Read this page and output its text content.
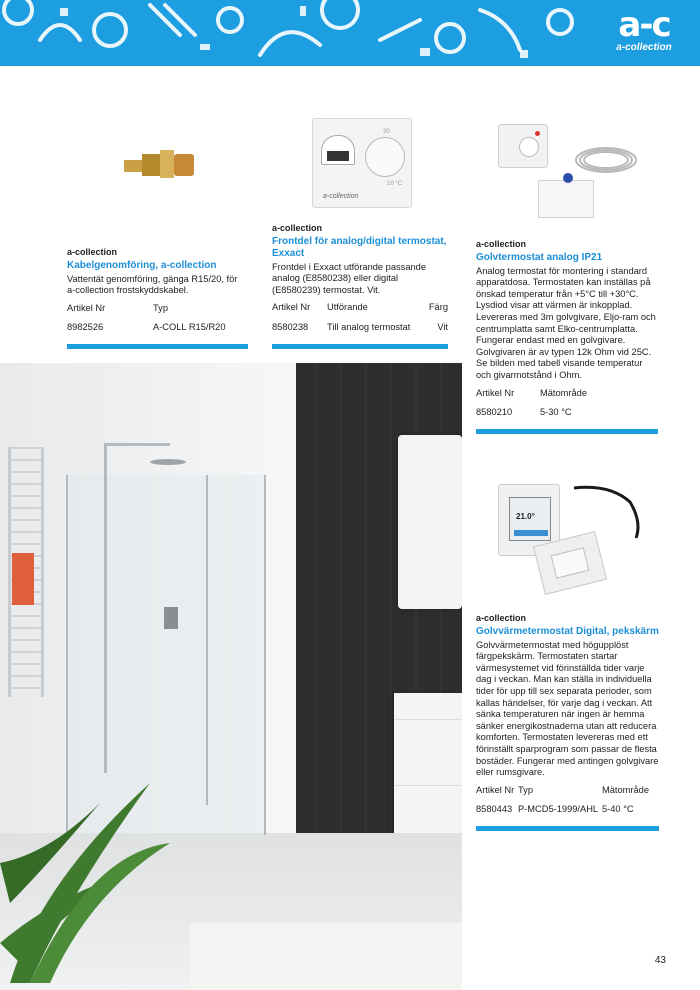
a-c
a-collection
a-collection
Kabelgenomföring, a-collection
Vattentät genomföring, gänga R15/20, för a-collection frostskyddskabel.
Artikel Nr	Typ
8982526	A-COLL R15/R20
30
10 °C
a-collection
a-collection
Frontdel för analog/digital termostat, Exxact
Frontdel i Exxact utförande passande analog (E8580238) eller digital (E8580239) termostat. Vit.
Artikel Nr	Utförande	Färg
8580238	Till analog termostat	Vit
a-collection
Golvtermostat analog IP21
Analog termostat för montering i standard apparatdosa. Termostaten kan inställas på önskad temperatur från +5°C till +30°C. Lysdiod visar att värmen är inkopplad. Levereras med 3m golvgivare, Eljo-ram och centrumplatta samt Elko-centrumplatta. Fungerar endast med en golvgivare. Golvgivaren är av typen 12k Ohm vid 25C. Se bilden med tabell visande temperatur och givarmotstånd i Ohm.
Artikel Nr	Mätområde
8580210	5-30 °C
21.0°
a-collection
Golvvärmetermostat Digital, pekskärm
Golvvärmetermostat med högupplöst färgpekskärm. Termostaten startar värmesystemet vid förinställda tider varje dag i veckan. Man kan ställa in individuella tider för upp till sex separata perioder, som kallas händelser, för varje dag i veckan. Att sänka temperaturen när ingen är hemma sänker energikostnaderna utan att reducera komforten. Termostaten levereras med ett förinställt sparprogram som passar de flesta bostäder. Fungerar med antingen golvgivare eller rumsgivare.
Artikel Nr	Typ	Mätområde
8580443	P-MCD5-1999/AHL	5-40 °C
43
